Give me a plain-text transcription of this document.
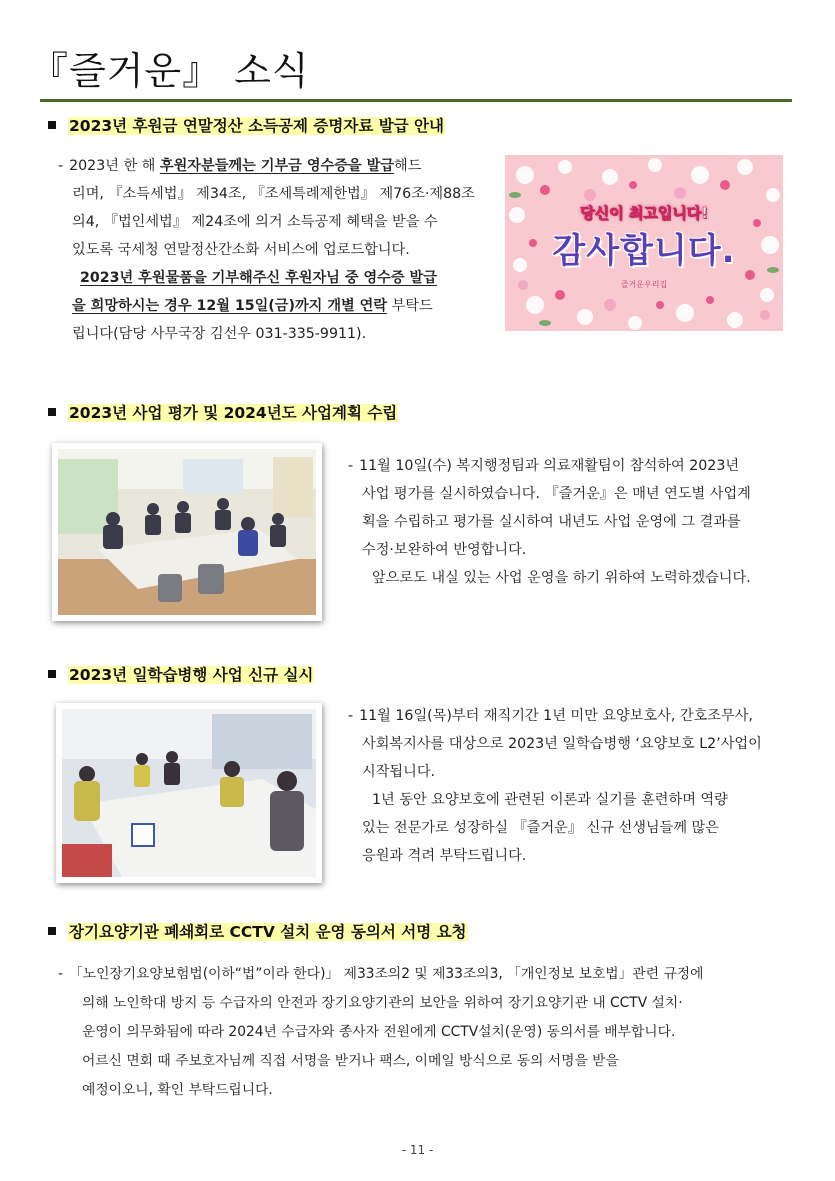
『즐거운』 소식
2023년 후원금 연말정산 소득공제 증명자료 발급 안내
- 2023년 한 해 후원자분들께는 기부금 영수증을 발급해드
리며, 『소득세법』 제34조, 『조세특례제한법』 제76조·제88조
의4, 『법인세법』 제24조에 의거 소득공제 혜택을 받을 수
있도록 국세청 연말정산간소화 서비스에 업로드합니다.
2023년 후원물품을 기부해주신 후원자님 중 영수증 발급
을 희망하시는 경우 12월 15일(금)까지 개별 연락 부탁드
립니다(담당 사무국장 김선우 031-335-9911).

당신이 최고입니다!

감사합니다.

즐거운우리집

2023년 사업 평가 및 2024년도 사업계획 수립
- 11월 10일(수) 복지행정팀과 의료재활팀이 참석하여 2023년
사업 평가를 실시하였습니다. 『즐거운』은 매년 연도별 사업계
획을 수립하고 평가를 실시하여 내년도 사업 운영에 그 결과를
수정·보완하여 반영합니다.
앞으로도 내실 있는 사업 운영을 하기 위하여 노력하겠습니다.
2023년 일학습병행 사업 신규 실시
- 11월 16일(목)부터 재직기간 1년 미만 요양보호사, 간호조무사,
사회복지사를 대상으로 2023년 일학습병행 ‘요양보호 L2’사업이
시작됩니다.
1년 동안 요양보호에 관련된 이론과 실기를 훈련하며 역량
있는 전문가로 성장하실 『즐거운』 신규 선생님들께 많은
응원과 격려 부탁드립니다.
장기요양기관 폐쇄회로 CCTV 설치 운영 동의서 서명 요청
- 「노인장기요양보험법(이하“법”이라 한다)」 제33조의2 및 제33조의3, 「개인정보 보호법」관련 규정에
의해 노인학대 방지 등 수급자의 안전과 장기요양기관의 보안을 위하여 장기요양기관 내 CCTV 설치·
운영이 의무화됨에 따라 2024년 수급자와 종사자 전원에게 CCTV설치(운영) 동의서를 배부합니다.
어르신 면회 때 주보호자님께 직접 서명을 받거나 팩스, 이메일 방식으로 동의 서명을 받을
예정이오니, 확인 부탁드립니다.

- 11 -
